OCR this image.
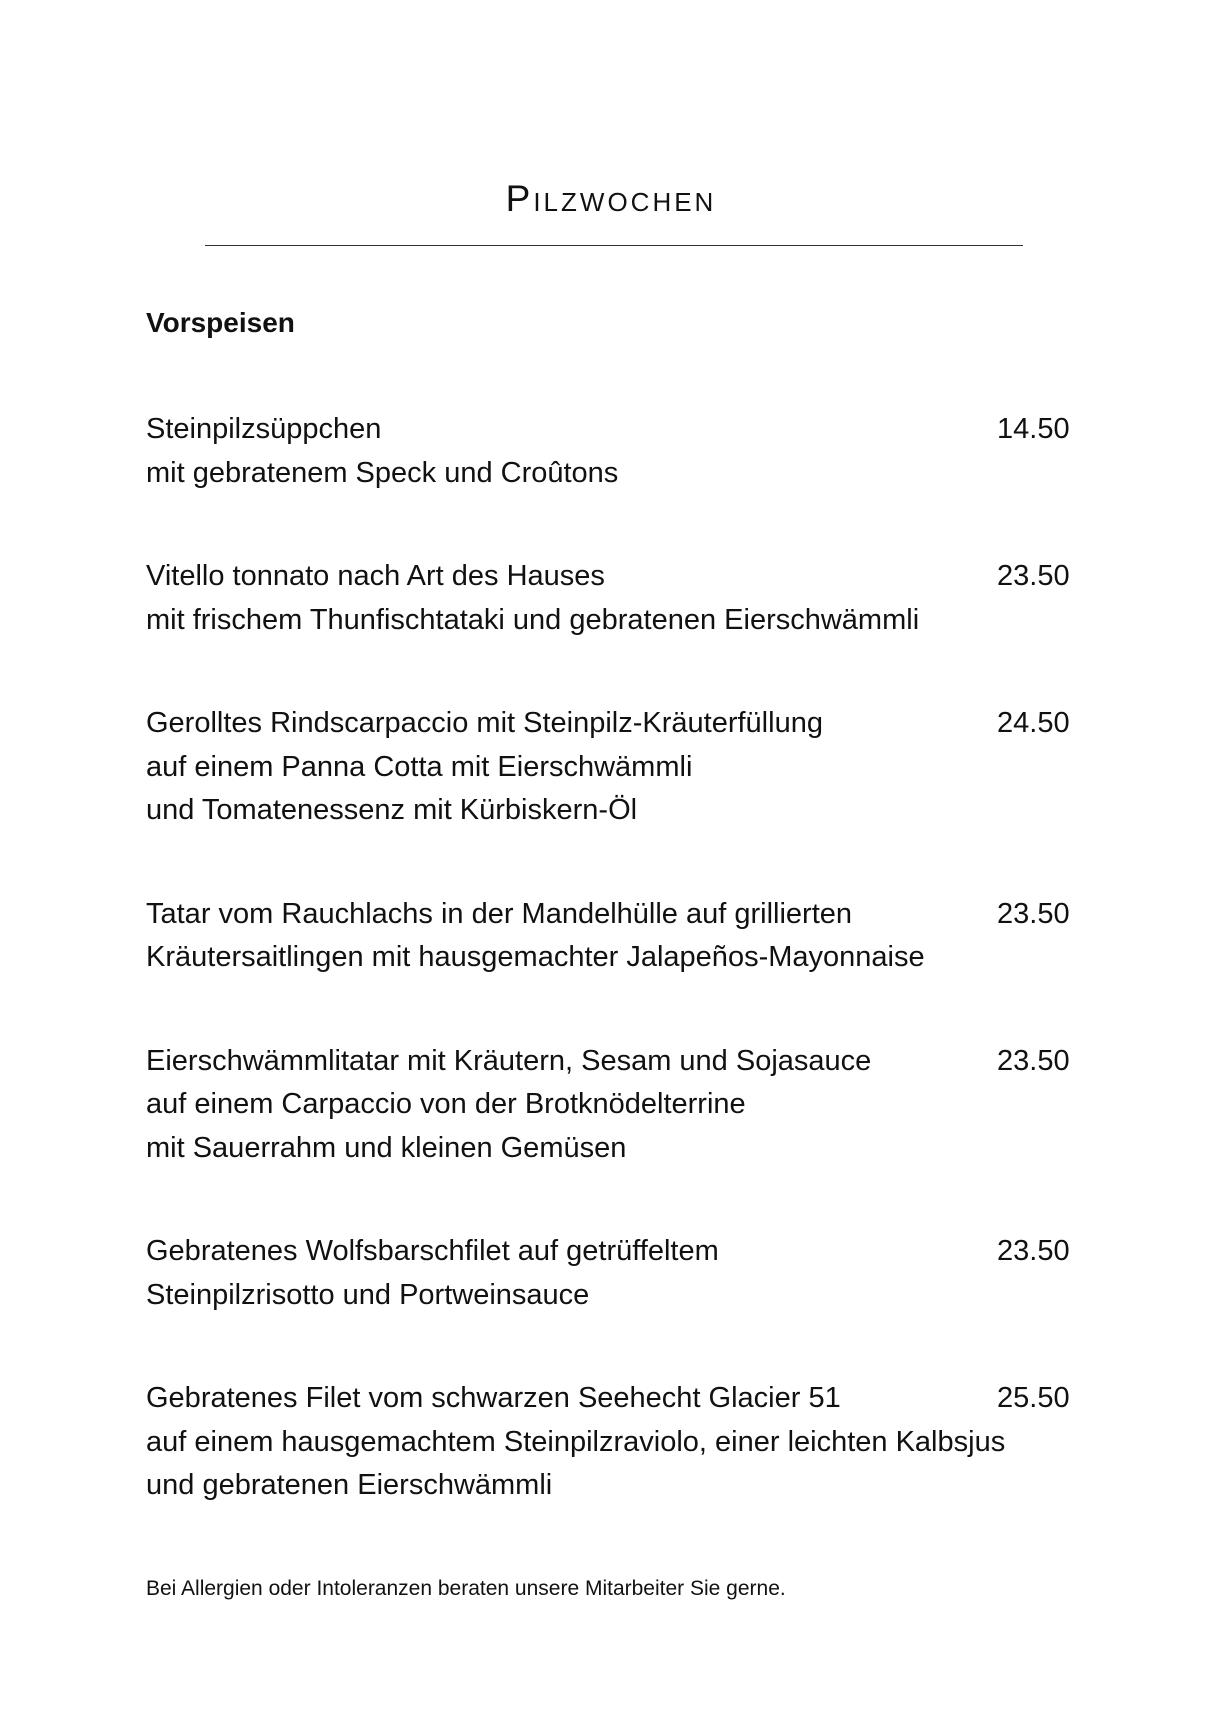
Pilzwochen
Vorspeisen
Steinpilzsüppchen
mit gebratenem Speck und Croûtons
14.50
Vitello tonnato nach Art des Hauses
mit frischem Thunfischtataki und gebratenen Eierschwämmli
23.50
Gerolltes Rindscarpaccio mit Steinpilz-Kräuterfüllung
auf einem Panna Cotta mit Eierschwämmli
und Tomatenessenz mit Kürbiskern-Öl
24.50
Tatar vom Rauchlachs in der Mandelhülle auf grillierten
Kräutersaitlingen mit hausgemachter Jalapeños-Mayonnaise
23.50
Eierschwämmlitatar mit Kräutern, Sesam und Sojasauce
auf einem Carpaccio von der Brotknödelterrine
mit Sauerrahm und kleinen Gemüsen
23.50
Gebratenes Wolfsbarschfilet auf getrüffeltem
Steinpilzrisotto und Portweinsauce
23.50
Gebratenes Filet vom schwarzen Seehecht Glacier 51
auf einem hausgemachtem Steinpilzraviolo, einer leichten Kalbsjus
und gebratenen Eierschwämmli
25.50

Bei Allergien oder Intoleranzen beraten unsere Mitarbeiter Sie gerne.
